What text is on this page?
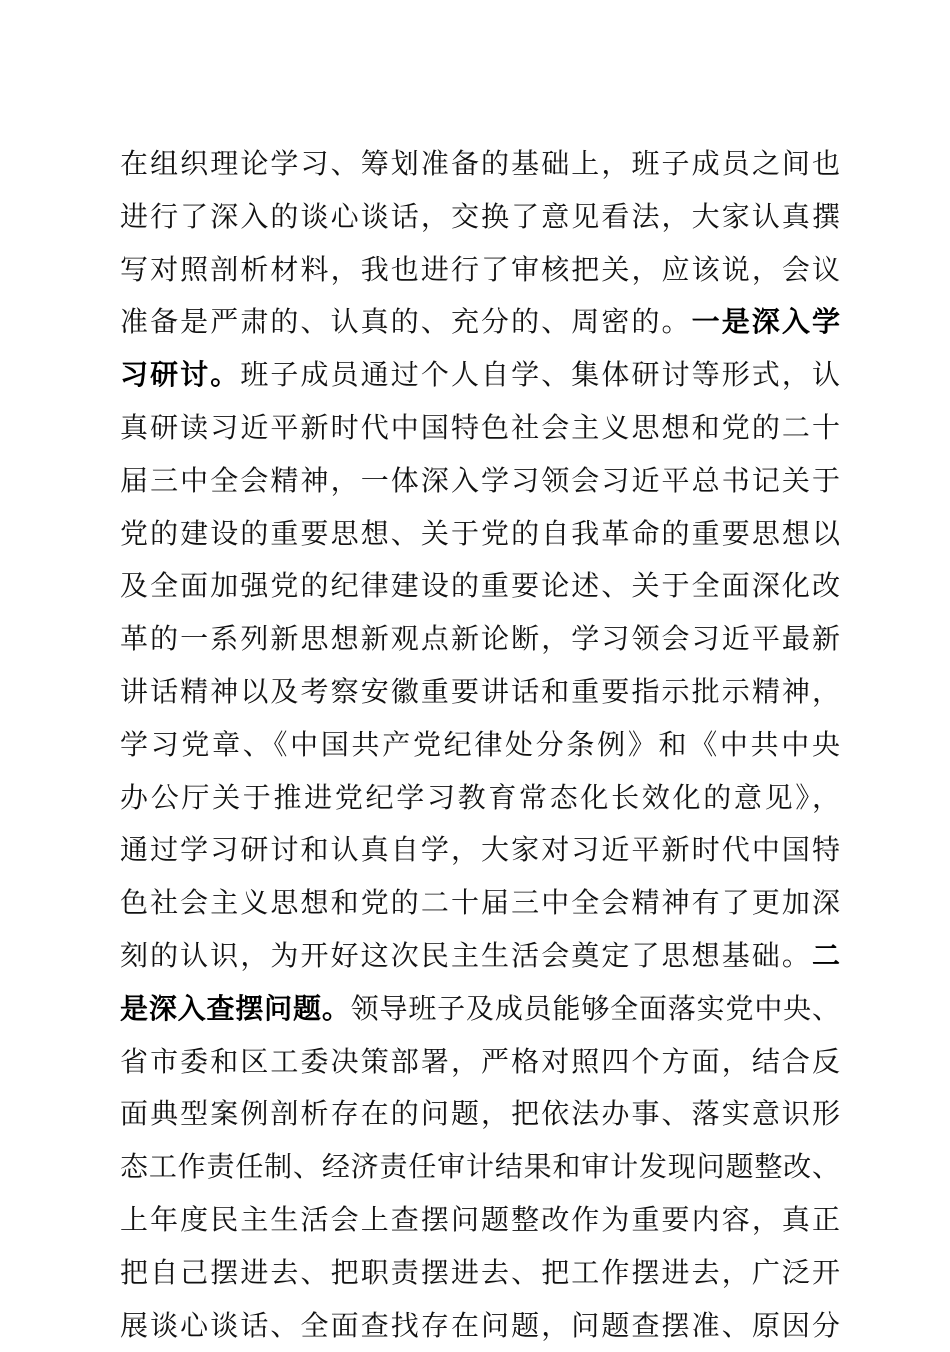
在组织理论学习、筹划准备的基础上，班子成员之间也
进行了深入的谈心谈话，交换了意见看法，大家认真撰
写对照剖析材料，我也进行了审核把关，应该说，会议
准备是严肃的、认真的、充分的、周密的。一是深入学
习研讨。班子成员通过个人自学、集体研讨等形式，认
真研读习近平新时代中国特色社会主义思想和党的二十
届三中全会精神，一体深入学习领会习近平总书记关于
党的建设的重要思想、关于党的自我革命的重要思想以
及全面加强党的纪律建设的重要论述、关于全面深化改
革的一系列新思想新观点新论断，学习领会习近平最新
讲话精神以及考察安徽重要讲话和重要指示批示精神，
学习党章、《中国共产党纪律处分条例》和《中共中央
办公厅关于推进党纪学习教育常态化长效化的意见》，
通过学习研讨和认真自学，大家对习近平新时代中国特
色社会主义思想和党的二十届三中全会精神有了更加深
刻的认识，为开好这次民主生活会奠定了思想基础。二
是深入查摆问题。领导班子及成员能够全面落实党中央、
省市委和区工委决策部署，严格对照四个方面，结合反
面典型案例剖析存在的问题，把依法办事、落实意识形
态工作责任制、经济责任审计结果和审计发现问题整改、
上年度民主生活会上查摆问题整改作为重要内容，真正
把自己摆进去、把职责摆进去、把工作摆进去，广泛开
展谈心谈话、全面查找存在问题，问题查摆准、原因分
